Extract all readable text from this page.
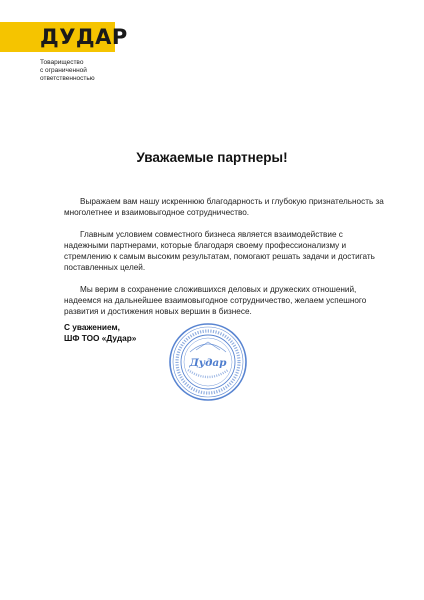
ДУДАР
Товарищество
с ограниченной
ответственностью
Уважаемые партнеры!

Выражаем вам нашу искреннюю благодарность и глубокую признательность за многолетнее и взаимовыгодное сотрудничество.

Главным условием совместного бизнеса является взаимодействие с надежными партнерами, которые благодаря своему профессионализму и стремлению к самым высоким результатам, помогают решать задачи и достигать поставленных целей.

Мы верим в сохранение сложившихся деловых и дружеских отношений, надеемся на дальнейшее взаимовыгодное сотрудничество, желаем успешного развития и достижения новых вершин в бизнесе.

С уважением,
ШФ ТОО «Дудар»
Дудар
